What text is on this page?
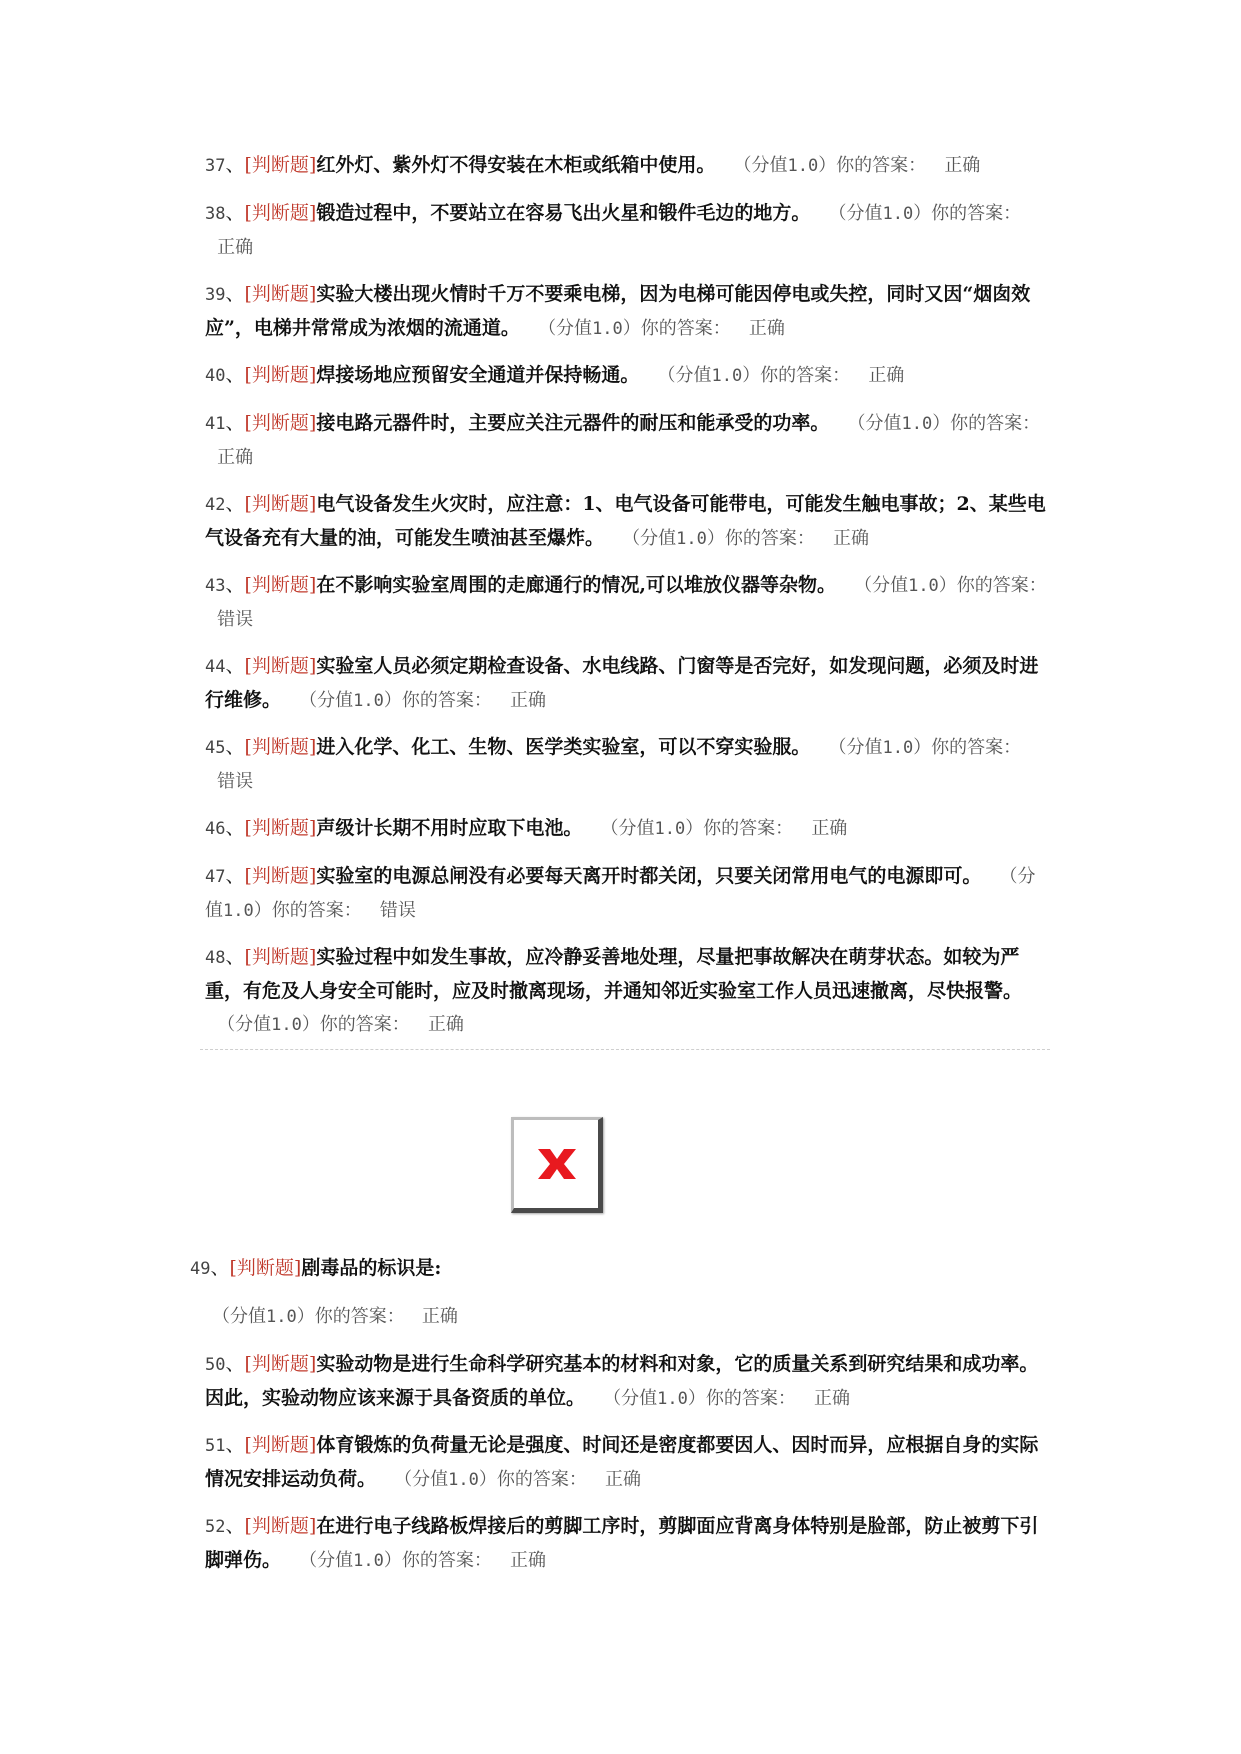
37、[判断题]红外灯、紫外灯不得安装在木柜或纸箱中使用。 （分值1.0）你的答案： 正确

38、[判断题]锻造过程中，不要站立在容易飞出火星和锻件毛边的地方。 （分值1.0）你的答案：   正确

39、[判断题]实验大楼出现火情时千万不要乘电梯，因为电梯可能因停电或失控，同时又因“烟囱效应”，电梯井常常成为浓烟的流通道。 （分值1.0）你的答案： 正确

40、[判断题]焊接场地应预留安全通道并保持畅通。 （分值1.0）你的答案： 正确

41、[判断题]接电路元器件时，主要应关注元器件的耐压和能承受的功率。 （分值1.0）你的答案：   正确

42、[判断题]电气设备发生火灾时，应注意：1、电气设备可能带电，可能发生触电事故；2、某些电气设备充有大量的油，可能发生喷油甚至爆炸。 （分值1.0）你的答案： 正确

43、[判断题]在不影响实验室周围的走廊通行的情况,可以堆放仪器等杂物。 （分值1.0）你的答案：   错误

44、[判断题]实验室人员必须定期检查设备、水电线路、门窗等是否完好，如发现问题，必须及时进行维修。 （分值1.0）你的答案： 正确

45、[判断题]进入化学、化工、生物、医学类实验室，可以不穿实验服。 （分值1.0）你的答案：   错误

46、[判断题]声级计长期不用时应取下电池。 （分值1.0）你的答案： 正确

47、[判断题]实验室的电源总闸没有必要每天离开时都关闭，只要关闭常用电气的电源即可。 （分值1.0）你的答案： 错误

48、[判断题]实验过程中如发生事故，应冷静妥善地处理，尽量把事故解决在萌芽状态。如较为严重，有危及人身安全可能时，应及时撤离现场，并通知邻近实验室工作人员迅速撤离，尽快报警。   （分值1.0）你的答案： 正确

49、[判断题]剧毒品的标识是:

（分值1.0）你的答案： 正确

50、[判断题]实验动物是进行生命科学研究基本的材料和对象，它的质量关系到研究结果和成功率。因此，实验动物应该来源于具备资质的单位。 （分值1.0）你的答案： 正确

51、[判断题]体育锻炼的负荷量无论是强度、时间还是密度都要因人、因时而异，应根据自身的实际情况安排运动负荷。 （分值1.0）你的答案： 正确

52、[判断题]在进行电子线路板焊接后的剪脚工序时，剪脚面应背离身体特别是脸部，防止被剪下引脚弹伤。 （分值1.0）你的答案： 正确
